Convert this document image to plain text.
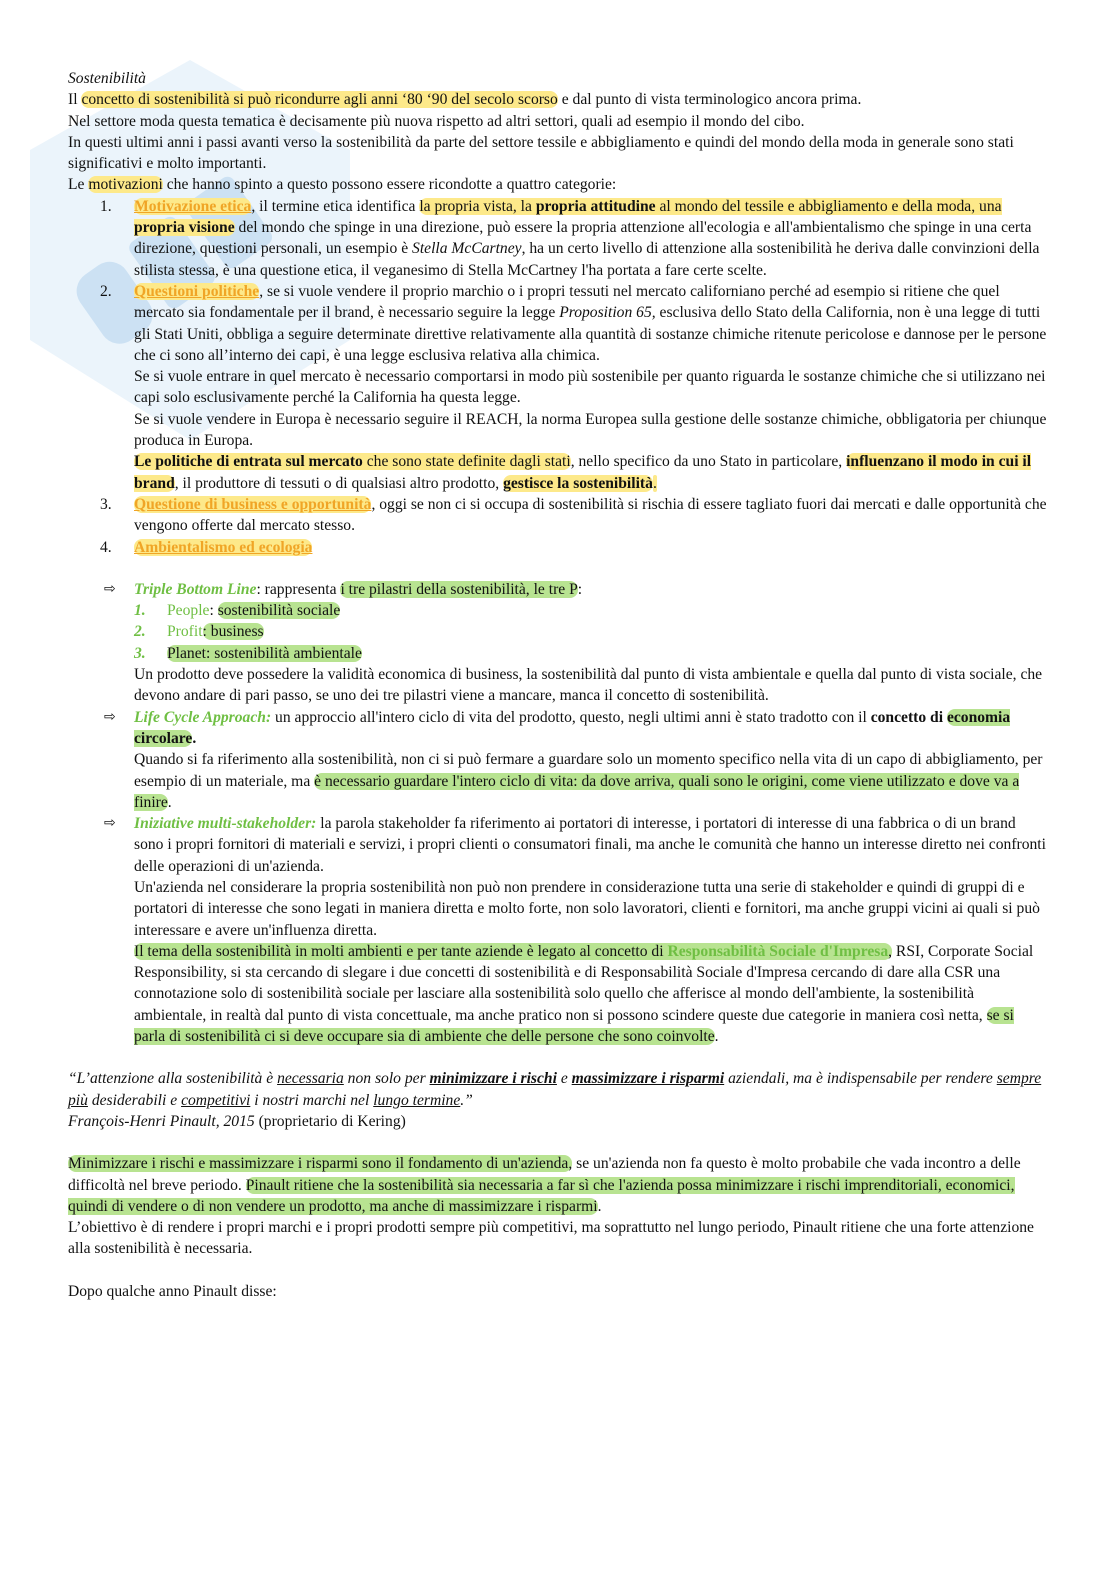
Sostenibilità

Il concetto di sostenibilità si può ricondurre agli anni ‘80 ‘90 del secolo scorso e dal punto di vista terminologico ancora prima.

Nel settore moda questa tematica è decisamente più nuova rispetto ad altri settori, quali ad esempio il mondo del cibo.

In questi ultimi anni i passi avanti verso la sostenibilità da parte del settore tessile e abbigliamento e quindi del mondo della moda in generale sono stati significativi e molto importanti.

Le motivazioni che hanno spinto a questo possono essere ricondotte a quattro categorie:

1. Motivazione etica, il termine etica identifica la propria vista, la propria attitudine al mondo del tessile e abbigliamento e della moda, una propria visione del mondo che spinge in una direzione, può essere la propria attenzione all'ecologia e all'ambientalismo che spinge in una certa direzione, questioni personali, un esempio è Stella McCartney, ha un certo livello di attenzione alla sostenibilità he deriva dalle convinzioni della stilista stessa, è una questione etica, il veganesimo di Stella McCartney l'ha portata a fare certe scelte.
2. Questioni politiche, se si vuole vendere il proprio marchio o i propri tessuti nel mercato californiano perché ad esempio si ritiene che quel mercato sia fondamentale per il brand, è necessario seguire la legge Proposition 65, esclusiva dello Stato della California, non è una legge di tutti gli Stati Uniti, obbliga a seguire determinate direttive relativamente alla quantità di sostanze chimiche ritenute pericolose e dannose per le persone che ci sono all’interno dei capi, è una legge esclusiva relativa alla chimica.

Se si vuole entrare in quel mercato è necessario comportarsi in modo più sostenibile per quanto riguarda le sostanze chimiche che si utilizzano nei capi solo esclusivamente perché la California ha questa legge.

Se si vuole vendere in Europa è necessario seguire il REACH, la norma Europea sulla gestione delle sostanze chimiche, obbligatoria per chiunque produca in Europa.

Le politiche di entrata sul mercato che sono state definite dagli stati, nello specifico da uno Stato in particolare, influenzano il modo in cui il brand, il produttore di tessuti o di qualsiasi altro prodotto, gestisce la sostenibilità.

3. Questione di business e opportunità, oggi se non ci si occupa di sostenibilità si rischia di essere tagliato fuori dai mercati e dalle opportunità che vengono offerte dal mercato stesso.
4. Ambientalismo ed ecologia
⇨ Triple Bottom Line: rappresenta i tre pilastri della sostenibilità, le tre P:

1. People: sostenibilità sociale

2. Profit: business

3. Planet: sostenibilità ambientale

Un prodotto deve possedere la validità economica di business, la sostenibilità dal punto di vista ambientale e quella dal punto di vista sociale, che devono andare di pari passo, se uno dei tre pilastri viene a mancare, manca il concetto di sostenibilità.

⇨ Life Cycle Approach: un approccio all'intero ciclo di vita del prodotto, questo, negli ultimi anni è stato tradotto con il concetto di economia circolare.

Quando si fa riferimento alla sostenibilità, non ci si può fermare a guardare solo un momento specifico nella vita di un capo di abbigliamento, per esempio di un materiale, ma è necessario guardare l'intero ciclo di vita: da dove arriva, quali sono le origini, come viene utilizzato e dove va a finire.

⇨ Iniziative multi-stakeholder: la parola stakeholder fa riferimento ai portatori di interesse, i portatori di interesse di una fabbrica o di un brand sono i propri fornitori di materiali e servizi, i propri clienti o consumatori finali, ma anche le comunità che hanno un interesse diretto nei confronti delle operazioni di un'azienda.

Un'azienda nel considerare la propria sostenibilità non può non prendere in considerazione tutta una serie di stakeholder e quindi di gruppi di e portatori di interesse che sono legati in maniera diretta e molto forte, non solo lavoratori, clienti e fornitori, ma anche gruppi vicini ai quali si può interessare e avere un'influenza diretta.

Il tema della sostenibilità in molti ambienti e per tante aziende è legato al concetto di Responsabilità Sociale d'Impresa, RSI, Corporate Social Responsibility, si sta cercando di slegare i due concetti di sostenibilità e di Responsabilità Sociale d'Impresa cercando di dare alla CSR una connotazione solo di sostenibilità sociale per lasciare alla sostenibilità solo quello che afferisce al mondo dell'ambiente, la sostenibilità ambientale, in realtà dal punto di vista concettuale, ma anche pratico non si possono scindere queste due categorie in maniera così netta, se si parla di sostenibilità ci si deve occupare sia di ambiente che delle persone che sono coinvolte.

“L’attenzione alla sostenibilità è necessaria non solo per minimizzare i rischi e massimizzare i risparmi aziendali, ma è indispensabile per rendere sempre più desiderabili e competitivi i nostri marchi nel lungo termine.”

François-Henri Pinault, 2015 (proprietario di Kering)

Minimizzare i rischi e massimizzare i risparmi sono il fondamento di un'azienda, se un'azienda non fa questo è molto probabile che vada incontro a delle difficoltà nel breve periodo. Pinault ritiene che la sostenibilità sia necessaria a far sì che l'azienda possa minimizzare i rischi imprenditoriali, economici, quindi di vendere o di non vendere un prodotto, ma anche di massimizzare i risparmi.

L’obiettivo è di rendere i propri marchi e i propri prodotti sempre più competitivi, ma soprattutto nel lungo periodo, Pinault ritiene che una forte attenzione alla sostenibilità è necessaria.

Dopo qualche anno Pinault disse:
